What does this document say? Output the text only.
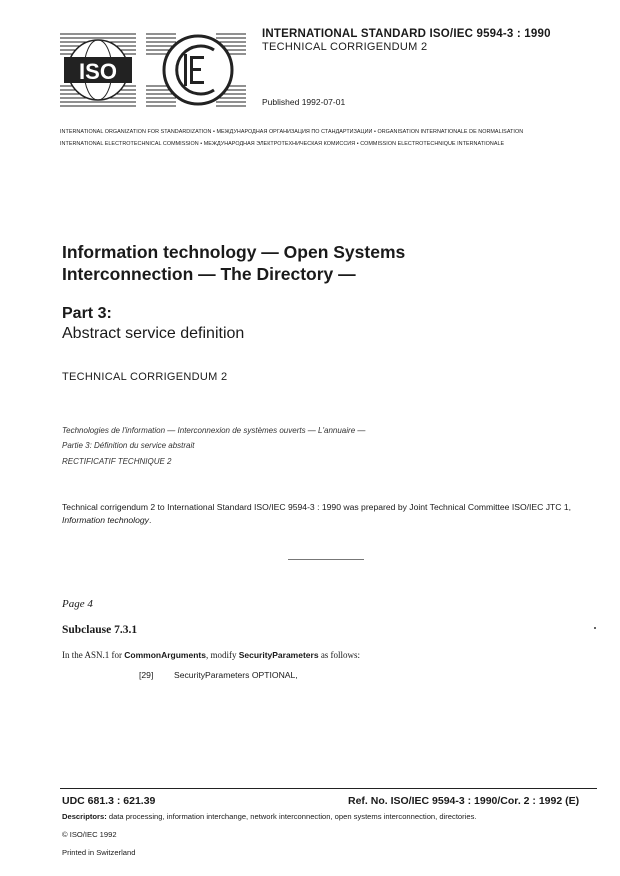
ISO
INTERNATIONAL STANDARD ISO/IEC 9594-3 : 1990
TECHNICAL CORRIGENDUM 2
Published 1992-07-01
INTERNATIONAL ORGANIZATION FOR STANDARDIZATION • МЕЖДУНАРОДНАЯ ОРГАНИЗАЦИЯ ПО СТАНДАРТИЗАЦИИ • ORGANISATION INTERNATIONALE DE NORMALISATION
INTERNATIONAL ELECTROTECHNICAL COMMISSION • МЕЖДУНАРОДНАЯ ЭЛЕКТРОТЕХНИЧЕСКАЯ КОМИССИЯ • COMMISSION ELECTROTECHNIQUE INTERNATIONALE
Information technology — Open Systems
Interconnection — The Directory —
Part 3:
Abstract service definition
TECHNICAL CORRIGENDUM 2
Technologies de l'information — Interconnexion de systèmes ouverts — L'annuaire —
Partie 3: Définition du service abstrait
RECTIFICATIF TECHNIQUE 2
Technical corrigendum 2 to International Standard ISO/IEC 9594-3 : 1990 was prepared by Joint Technical Committee ISO/IEC JTC 1, Information technology.
Page 4
Subclause 7.3.1
In the ASN.1 for CommonArguments, modify SecurityParameters as follows:
[29] SecurityParameters OPTIONAL,
UDC 681.3 : 621.39	Ref. No. ISO/IEC 9594-3 : 1990/Cor. 2 : 1992 (E)
Descriptors: data processing, information interchange, network interconnection, open systems interconnection, directories.
© ISO/IEC 1992
Printed in Switzerland
